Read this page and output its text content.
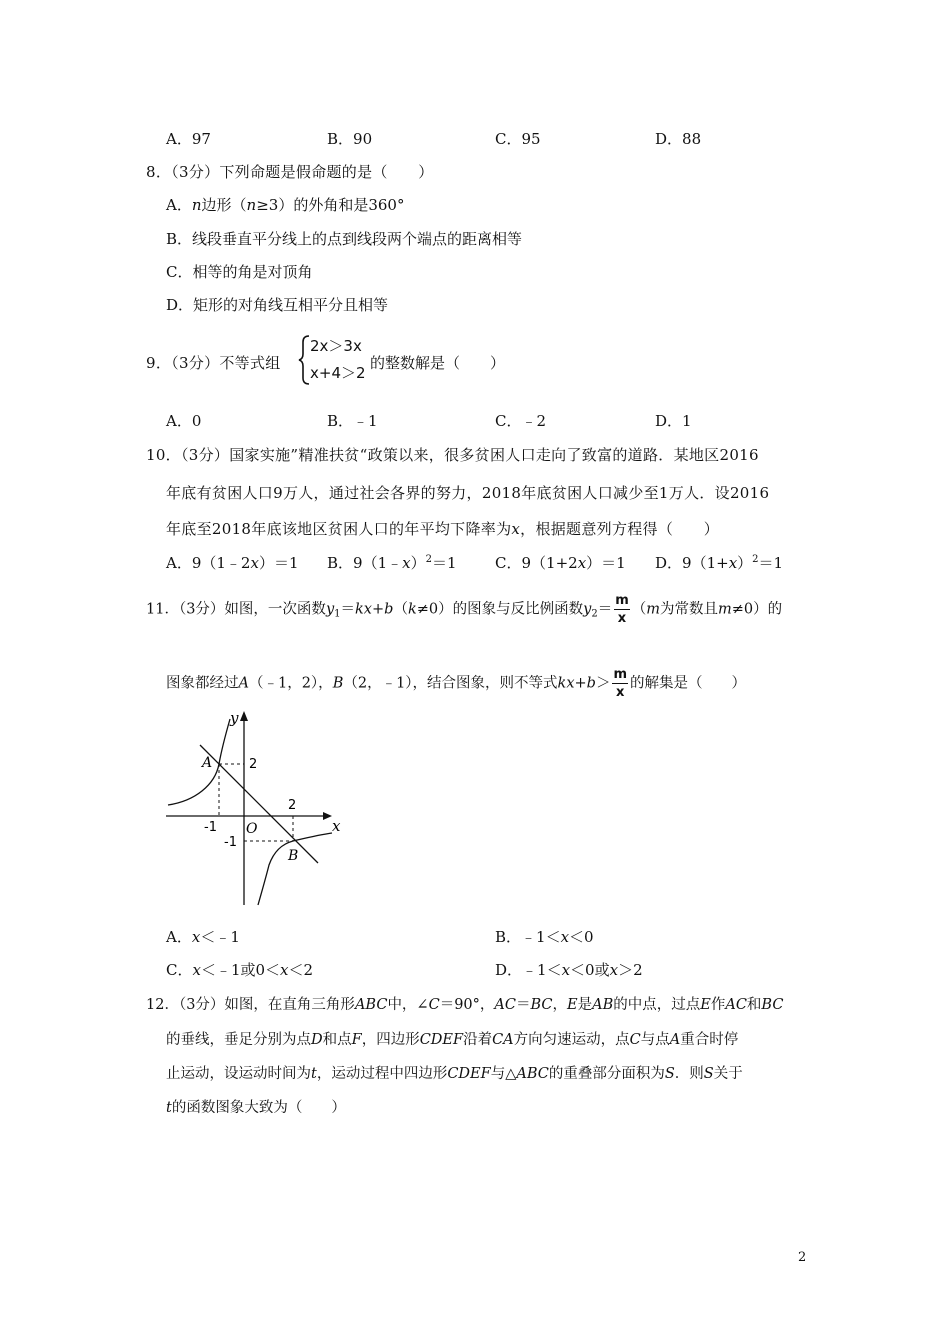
A．97	B．90	C．95	D．88
8．（3分）下列命题是假命题的是（　　）
A．n边形（n≥3）的外角和是360°
B．线段垂直平分线上的点到线段两个端点的距离相等
C．相等的角是对顶角
D．矩形的对角线互相平分且相等
9．（3分）不等式组
2x＞3x
x+4＞2
的整数解是（　　）
A．0	B．﹣1	C．﹣2	D．1
10．（3分）国家实施”精准扶贫“政策以来，很多贫困人口走向了致富的道路．某地区2016
年底有贫困人口9万人，通过社会各界的努力，2018年底贫困人口减少至1万人．设2016
年底至2018年底该地区贫困人口的年平均下降率为x，根据题意列方程得（　　）
A．9（1﹣2x）＝1 B．9（1﹣x）$^2$＝1	C．9（1+2x）＝1 D．$9(1+x)^2=1$
11．（3分）如图，一次函数$y_1=kx+b(k\ne 0)$的图象与反比例函数$y_2= \frac{m}{x} (m$为常数且m≠0）的
图象都经过A（﹣1，2），B（2，﹣1），结合图象，则不等式$kx+b> \frac{m}{x}$ 的解集是（　　）
y
x
O
A
B
2
-1
2
-1
A．x＜﹣1	B．﹣1＜x＜0
C．x＜﹣1或0＜x＜2	D．﹣1＜x＜0或x＞2
12．（3分）如图，在直角三角形ABC中，∠C＝90°，AC＝BC，E是AB的中点，过点E作AC和BC
的垂线，垂足分别为点D和点F，四边形CDEF沿着CA方向匀速运动，点C与点A重合时停
止运动，设运动时间为t，运动过程中四边形CDEF与△ABC的重叠部分面积为S．则S关于
t的函数图象大致为（　　）
2
